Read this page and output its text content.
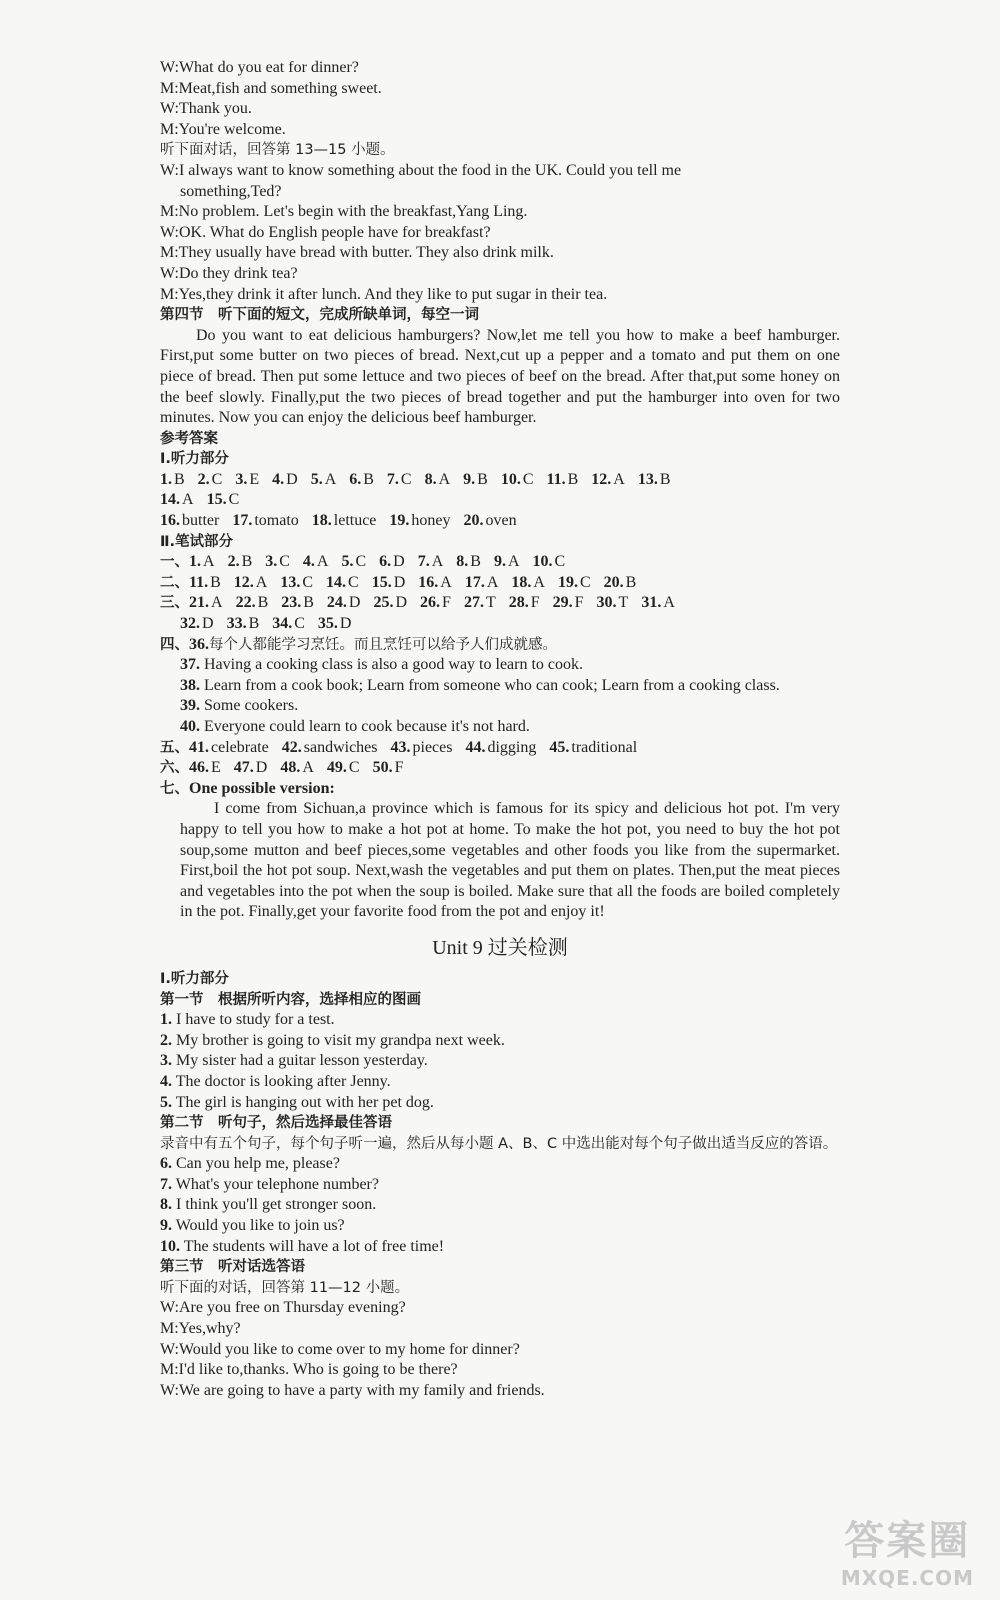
W:What do you eat for dinner?
M:Meat,fish and something sweet.
W:Thank you.
M:You're welcome.
听下面对话，回答第 13—15 小题。
W:I always want to know something about the food in the UK. Could you tell me
something,Ted?
M:No problem. Let's begin with the breakfast,Yang Ling.
W:OK. What do English people have for breakfast?
M:They usually have bread with butter. They also drink milk.
W:Do they drink tea?
M:Yes,they drink it after lunch. And they like to put sugar in their tea.
第四节　听下面的短文，完成所缺单词，每空一词
Do you want to eat delicious hamburgers? Now,let me tell you how to make a beef hamburger. First,put some butter on two pieces of bread. Next,cut up a pepper and a tomato and put them on one piece of bread. Then put some lettuce and two pieces of beef on the bread. After that,put some honey on the beef slowly. Finally,put the two pieces of bread together and put the hamburger into oven for two minutes. Now you can enjoy the delicious beef hamburger.
参考答案
Ⅰ.听力部分
1. B 2. C 3. E 4. D 5. A 6. B 7. C 8. A 9. B 10. C 11. B 12. A 13. B
14. A 15. C
16. butter 17. tomato 18. lettuce 19. honey 20. oven
Ⅱ.笔试部分
一、1. A 2. B 3. C 4. A 5. C 6. D 7. A 8. B 9. A 10. C
二、11. B 12. A 13. C 14. C 15. D 16. A 17. A 18. A 19. C 20. B
三、21. A 22. B 23. B 24. D 25. D 26. F 27. T 28. F 29. F 30. T 31. A
32. D 33. B 34. C 35. D
四、36.每个人都能学习烹饪。而且烹饪可以给予人们成就感。
37. Having a cooking class is also a good way to learn to cook.
38. Learn from a cook book; Learn from someone who can cook; Learn from a cooking class.
39. Some cookers.
40. Everyone could learn to cook because it's not hard.
五、41. celebrate 42. sandwiches 43. pieces 44. digging 45. traditional
六、46. E 47. D 48. A 49. C 50. F
七、One possible version:
I come from Sichuan,a province which is famous for its spicy and delicious hot pot. I'm very happy to tell you how to make a hot pot at home. To make the hot pot, you need to buy the hot pot soup,some mutton and beef pieces,some vegetables and other foods you like from the supermarket. First,boil the hot pot soup. Next,wash the vegetables and put them on plates. Then,put the meat pieces and vegetables into the pot when the soup is boiled. Make sure that all the foods are boiled completely in the pot. Finally,get your favorite food from the pot and enjoy it!
Unit 9 过关检测
Ⅰ.听力部分
第一节　根据所听内容，选择相应的图画
1. I have to study for a test.
2. My brother is going to visit my grandpa next week.
3. My sister had a guitar lesson yesterday.
4. The doctor is looking after Jenny.
5. The girl is hanging out with her pet dog.
第二节　听句子，然后选择最佳答语
录音中有五个句子，每个句子听一遍，然后从每小题 A、B、C 中选出能对每个句子做出适当反应的答语。
6. Can you help me, please?
7. What's your telephone number?
8. I think you'll get stronger soon.
9. Would you like to join us?
10. The students will have a lot of free time!
第三节　听对话选答语
听下面的对话，回答第 11—12 小题。
W:Are you free on Thursday evening?
M:Yes,why?
W:Would you like to come over to my home for dinner?
M:I'd like to,thanks. Who is going to be there?
W:We are going to have a party with my family and friends.
答案圈
MXQE.COM
